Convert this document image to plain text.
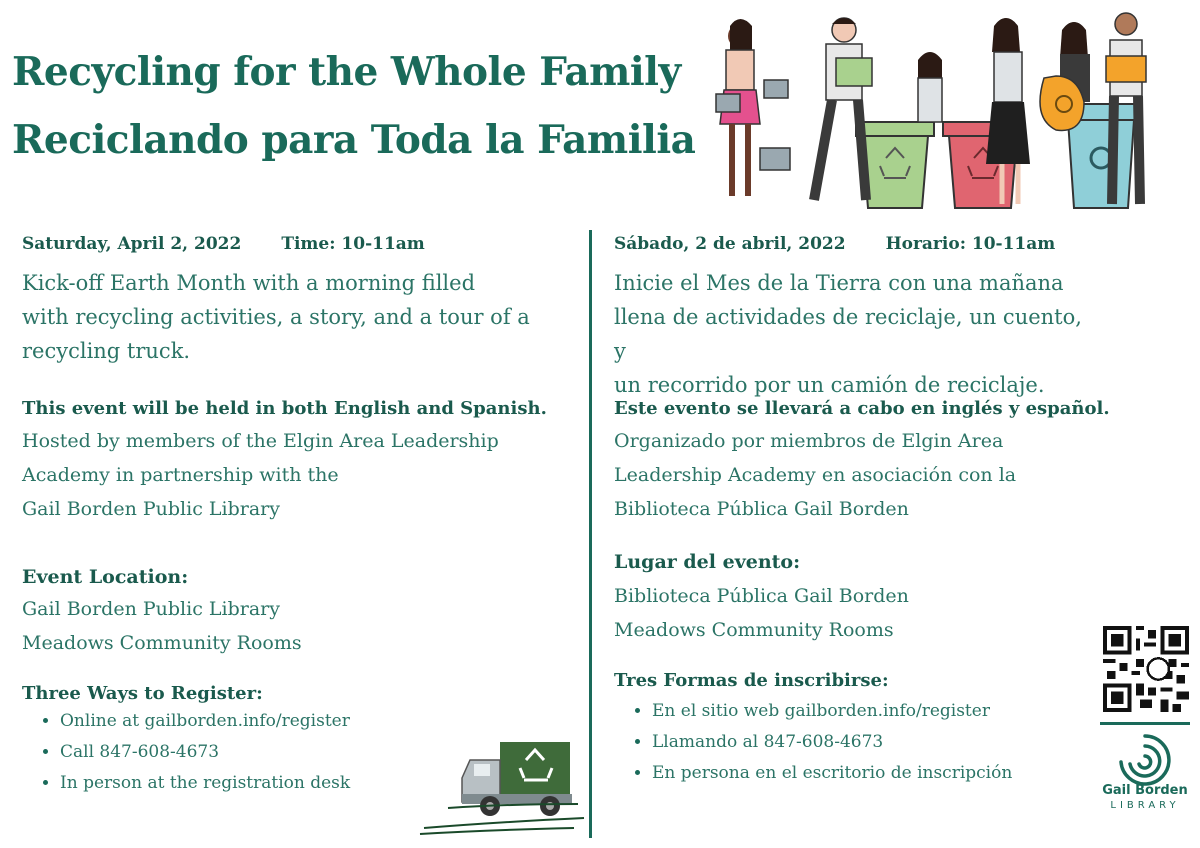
Recycling for the Whole Family
Reciclando para Toda la Familia
Saturday, April 2, 2022 Time: 10-11am
Kick-off Earth Month with a morning filled
with recycling activities, a story, and a tour of a
recycling truck.
This event will be held in both English and Spanish.
Hosted by members of the Elgin Area Leadership
Academy in partnership with the
Gail Borden Public Library
Event Location:
Gail Borden Public Library
Meadows Community Rooms
Three Ways to Register:
• Online at gailborden.info/register
• Call 847-608-4673
• In person at the registration desk
Sábado, 2 de abril, 2022 Horario: 10-11am
Inicie el Mes de la Tierra con una mañana
llena de actividades de reciclaje, un cuento, y
un recorrido por un camión de reciclaje.
Este evento se llevará a cabo en inglés y español.
Organizado por miembros de Elgin Area
Leadership Academy en asociación con la
Biblioteca Pública Gail Borden
Lugar del evento:
Biblioteca Pública Gail Borden
Meadows Community Rooms
Tres Formas de inscribirse:
• En el sitio web gailborden.info/register
• Llamando al 847-608-4673
• En persona en el escritorio de inscripción
Gail Borden
LIBRARY
